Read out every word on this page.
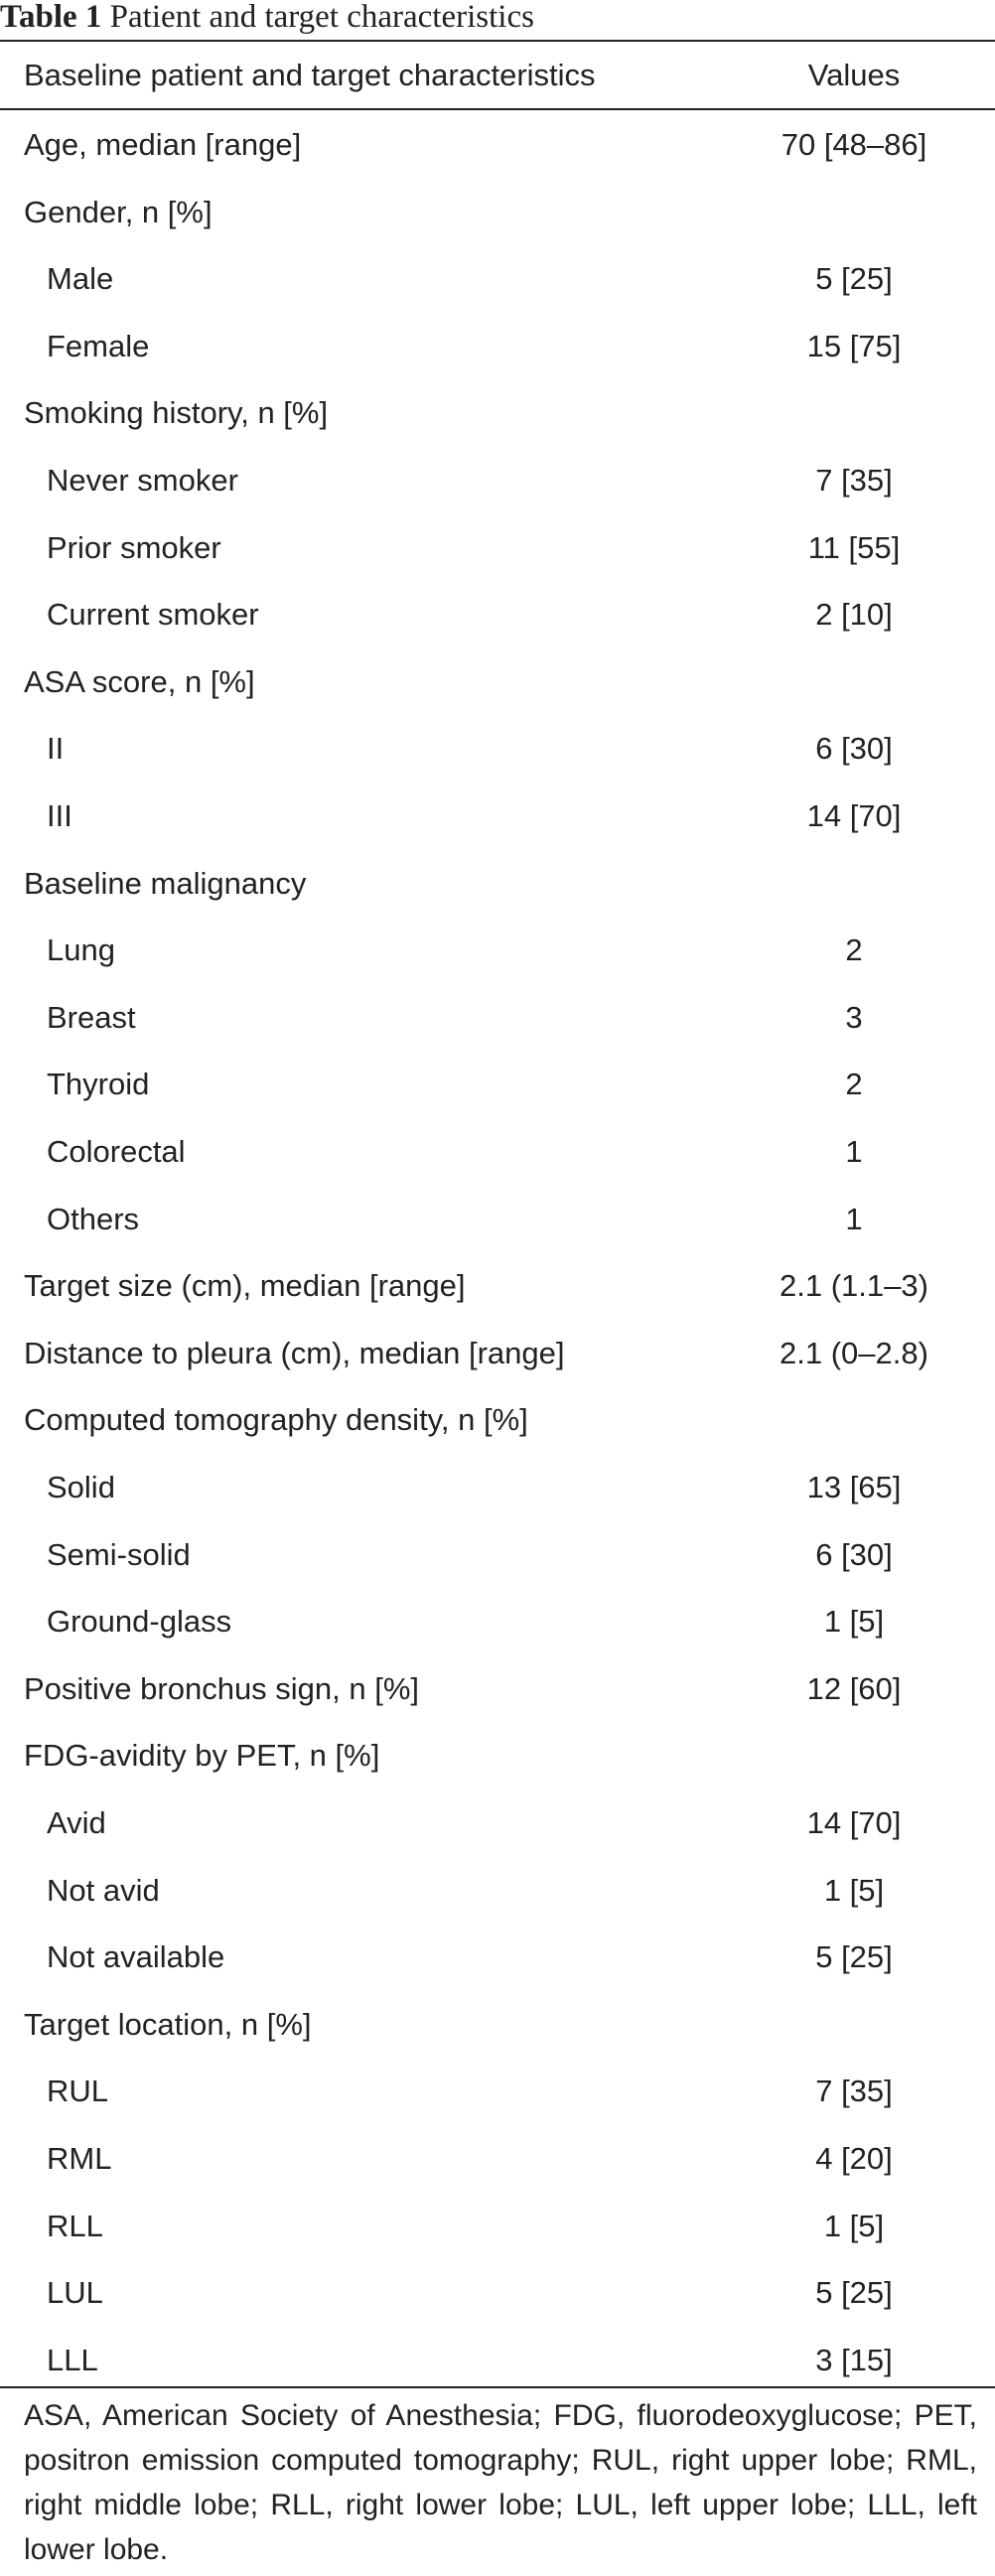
Table 1 Patient and target characteristics
Baseline patient and target characteristics	Values
Age, median [range]	70 [48–86]
Gender, n [%]
Male	5 [25]
Female	15 [75]
Smoking history, n [%]
Never smoker	7 [35]
Prior smoker	11 [55]
Current smoker	2 [10]
ASA score, n [%]
II	6 [30]
III	14 [70]
Baseline malignancy
Lung	2
Breast	3
Thyroid	2
Colorectal	1
Others	1
Target size (cm), median [range]	2.1 (1.1–3)
Distance to pleura (cm), median [range]	2.1 (0–2.8)
Computed tomography density, n [%]
Solid	13 [65]
Semi-solid	6 [30]
Ground-glass	1 [5]
Positive bronchus sign, n [%]	12 [60]
FDG-avidity by PET, n [%]
Avid	14 [70]
Not avid	1 [5]
Not available	5 [25]
Target location, n [%]
RUL	7 [35]
RML	4 [20]
RLL	1 [5]
LUL	5 [25]
LLL	3 [15]
ASA, American Society of Anesthesia; FDG, fluorodeoxyglucose; PET, positron emission computed tomography; RUL, right upper lobe; RML, right middle lobe; RLL, right lower lobe; LUL, left upper lobe; LLL, left lower lobe.
